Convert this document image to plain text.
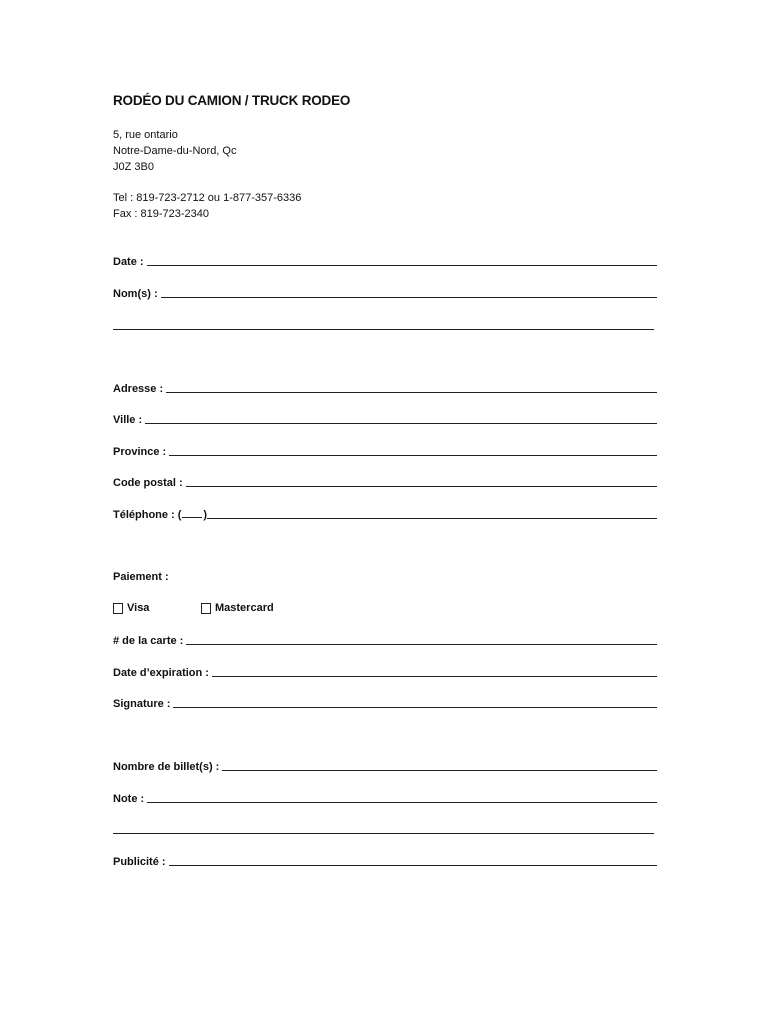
RODÉO DU CAMION / TRUCK RODEO
5, rue ontario
Notre-Dame-du-Nord, Qc
J0Z 3B0
Tel : 819-723-2712 ou 1-877-357-6336
Fax : 819-723-2340
Date :
Nom(s) :
Adresse :
Ville :
Province :
Code postal :
Téléphone : ( )
Paiement :
Visa	Mastercard
# de la carte :
Date d’expiration :
Signature :
Nombre de billet(s) :
Note :
Publicité :
